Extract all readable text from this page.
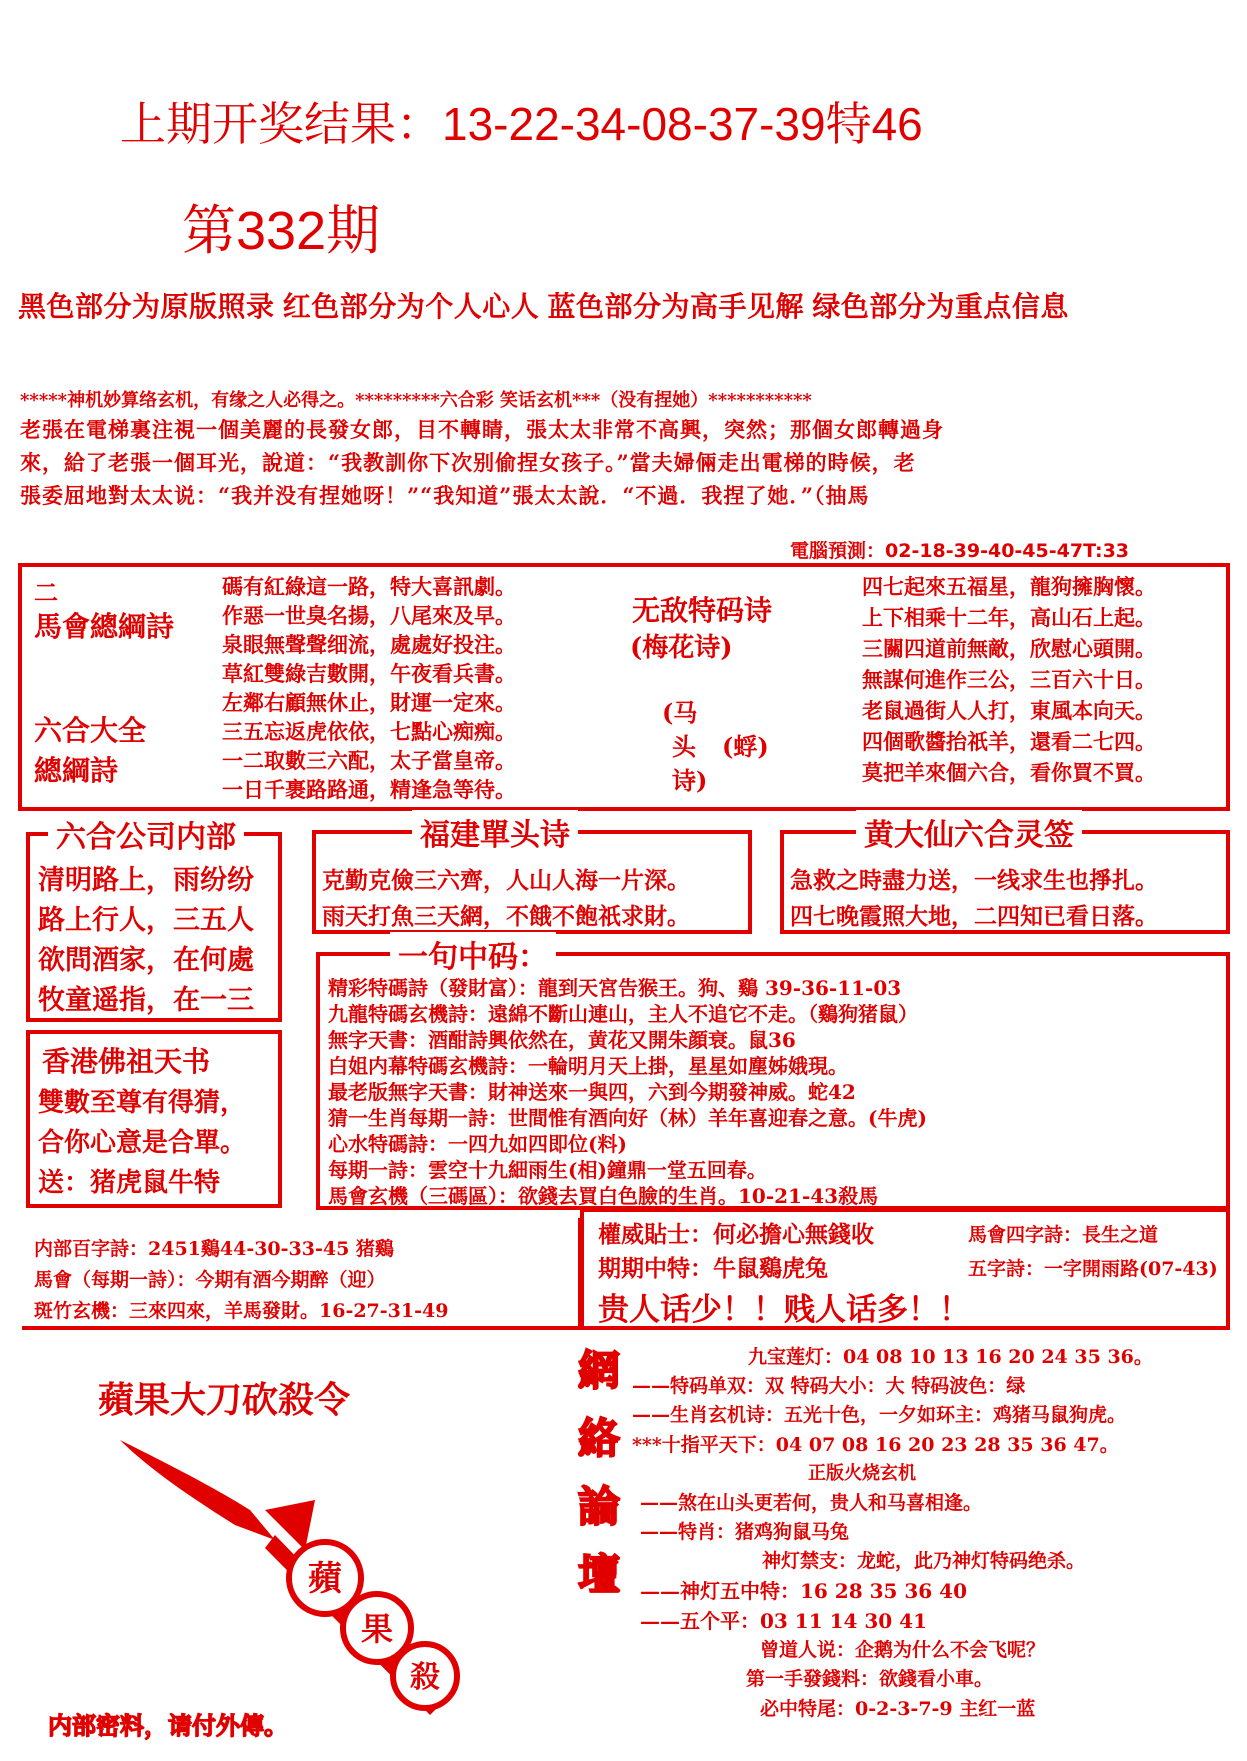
上期开奖结果：13-22-34-08-37-39特46
第332期
黑色部分为原版照录 红色部分为个人心人 蓝色部分为高手见解 绿色部分为重点信息
*****神机妙算络玄机，有缘之人必得之。*********六合彩 笑话玄机***（没有捏她）***********
老張在電梯裏注視一個美麗的長發女郎，目不轉睛，張太太非常不高興，突然；那個女郎轉過身
來，給了老張一個耳光，說道：“我教訓你下次别偷捏女孩子。”當夫婦倆走出電梯的時候，老
張委屈地對太太说：“我并没有捏她呀！”“我知道”張太太說．“不過．我捏了她．”（抽馬
電腦預測：02-18-39-40-45-47T:33
二
馬會總綱詩
六合大全
總綱詩
碼有紅綠這一路，特大喜訊劇。
作惡一世臭名揚，八尾來及早。
泉眼無聲聲细流，處處好投注。
草紅雙綠吉數開，午夜看兵書。
左鄰右顧無休止，財運一定來。
三五忘返虎依依，七點心痴痴。
一二取數三六配，太子當皇帝。
一日千裹路路通，精逢急等待。
无敌特码诗
(梅花诗)
(马
头 (蜉)
诗)
四七起來五福星，龍狗擁胸懷。
上下相乘十二年，高山石上起。
三關四道前無敵，欣慰心頭開。
無謀何進作三公，三百六十日。
老鼠過街人人打，東風本向天。
四個歌醬抬祇羊，還看二七四。
莫把羊來個六合，看你買不買。
六合公司内部
清明路上，雨纷纷
路上行人，三五人
欲問酒家，在何處
牧童遥指，在一三
福建單头诗
克勤克儉三六齊，人山人海一片深。
雨天打魚三天網，不餓不飽祇求財。
黄大仙六合灵签
急救之時盡力送，一线求生也掙扎。
四七晚霞照大地，二四知已看日落。
香港佛祖天书
雙數至尊有得猜，
合你心意是合單。
送：猪虎鼠牛特
一句中码：
精彩特碼詩（發財富）：龍到天宮告猴王。狗、鷄 39-36-11-03
九龍特碼玄機詩：遠綿不斷山連山，主人不追它不走。（鷄狗猪鼠）
無字天書：酒酣詩興依然在，黄花又開朱顔衰。鼠36
白姐内幕特碼玄機詩：一輪明月天上掛，星星如塵姊娥現。
最老版無字天書：財神送來一與四，六到今期發神威。蛇42
猜一生肖每期一詩：世間惟有酒向好（林）羊年喜迎春之意。(牛虎)
心水特碼詩：一四九如四即位(料)
每期一詩：雲空十九細雨生(相)鐘鼎一堂五回春。
馬會玄機（三碼區）：欲錢去買白色臉的生肖。10-21-43殺馬
内部百字詩：2451鷄44-30-33-45 猪鷄
馬會（每期一詩）：今期有酒今期醉（迎）
斑竹玄機：三來四來，羊馬發財。16-27-31-49
權威貼士：何必擔心無錢收	馬會四字詩：長生之道
期期中特：牛鼠鷄虎兔	五字詩：一字開雨路(07-43)
贵人话少！！贱人话多！！
蘋果大刀砍殺令
蘋
果
殺
内部密料，请付外傳。
網
絡
論
壇
九宝莲灯：04 08 10 13 16 20 24 35 36。
——特码单双：双 特码大小：大 特码波色：绿
——生肖玄机诗：五光十色，一夕如环主：鸡猪马鼠狗虎。
***十指平天下：04 07 08 16 20 23 28 35 36 47。
正版火烧玄机
——煞在山头更若何，贵人和马喜相逢。
——特肖：猪鸡狗鼠马兔
神灯禁支：龙蛇，此乃神灯特码绝杀。
——神灯五中特：16 28 35 36 40
——五个平：03 11 14 30 41
曾道人说：企鹅为什么不会飞呢？
第一手發錢料：欲錢看小車。
必中特尾：0-2-3-7-9 主红一蓝
